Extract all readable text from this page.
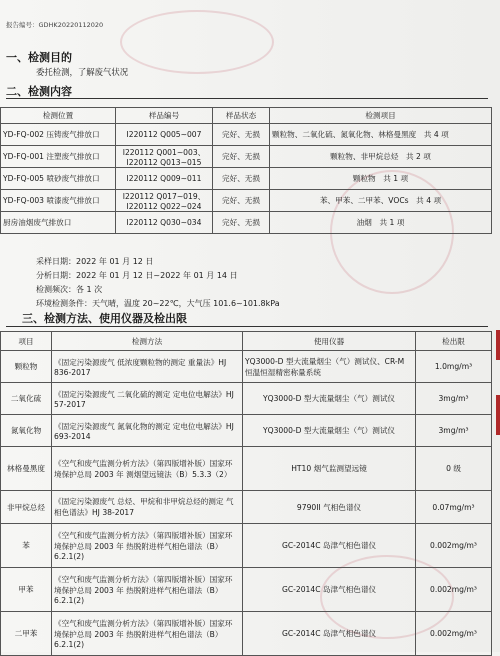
报告编号：GDHK20220112020
一、检测目的
委托检测，了解废气状况
二、检测内容
检测位置	样品编号	样品状态	检测项目
YD-FQ-002 压铸废气排放口	I220112 Q005~007	完好、无损	颗粒物、二氧化硫、氮氧化物、林格曼黑度　共 4 项
YD-FQ-001 注塑废气排放口	I220112 Q001~003、I220112 Q013~015	完好、无损	颗粒物、非甲烷总烃　共 2 项
YD-FQ-005 喷砂废气排放口	I220112 Q009~011	完好、无损	颗粒物　共 1 项
YD-FQ-003 喷漆废气排放口	I220112 Q017~019、I220112 Q022~024	完好、无损	苯、甲苯、二甲苯、VOCs　共 4 项
厨房油烟废气排放口	I220112 Q030~034	完好、无损	油烟　共 1 项
采样日期：2022 年 01 月 12 日
分析日期：2022 年 01 月 12 日~2022 年 01 月 14 日
检测频次：各 1 次
环境检测条件：天气晴，温度 20~22℃，大气压 101.6~101.8kPa
三、检测方法、使用仪器及检出限
项目	检测方法	使用仪器	检出限
颗粒物	《固定污染源废气 低浓度颗粒物的测定 重量法》HJ 836-2017	YQ3000-D 型大流量烟尘（气）测试仪、CR-M 恒温恒湿精密称量系统	1.0mg/m³
二氧化硫	《固定污染源废气 二氧化硫的测定 定电位电解法》HJ 57-2017	YQ3000-D 型大流量烟尘（气）测试仪	3mg/m³
氮氧化物	《固定污染源废气 氮氧化物的测定 定电位电解法》HJ 693-2014	YQ3000-D 型大流量烟尘（气）测试仪	3mg/m³
林格曼黑度	《空气和废气监测分析方法》（第四版增补版）国家环境保护总局 2003 年 测烟望远镜法（B）5.3.3（2）	HT10 烟气监测望远镜	0 级
非甲烷总烃	《固定污染源废气 总烃、甲烷和非甲烷总烃的测定 气相色谱法》HJ 38-2017	9790II 气相色谱仪	0.07mg/m³
苯	《空气和废气监测分析方法》（第四版增补版）国家环境保护总局 2003 年 热脱附进样气相色谱法（B）6.2.1(2)	GC-2014C 岛津气相色谱仪	0.002mg/m³
甲苯	《空气和废气监测分析方法》（第四版增补版）国家环境保护总局 2003 年 热脱附进样气相色谱法（B）6.2.1(2)	GC-2014C 岛津气相色谱仪	0.002mg/m³
二甲苯	《空气和废气监测分析方法》（第四版增补版）国家环境保护总局 2003 年 热脱附进样气相色谱法（B）6.2.1(2)	GC-2014C 岛津气相色谱仪	0.002mg/m³
